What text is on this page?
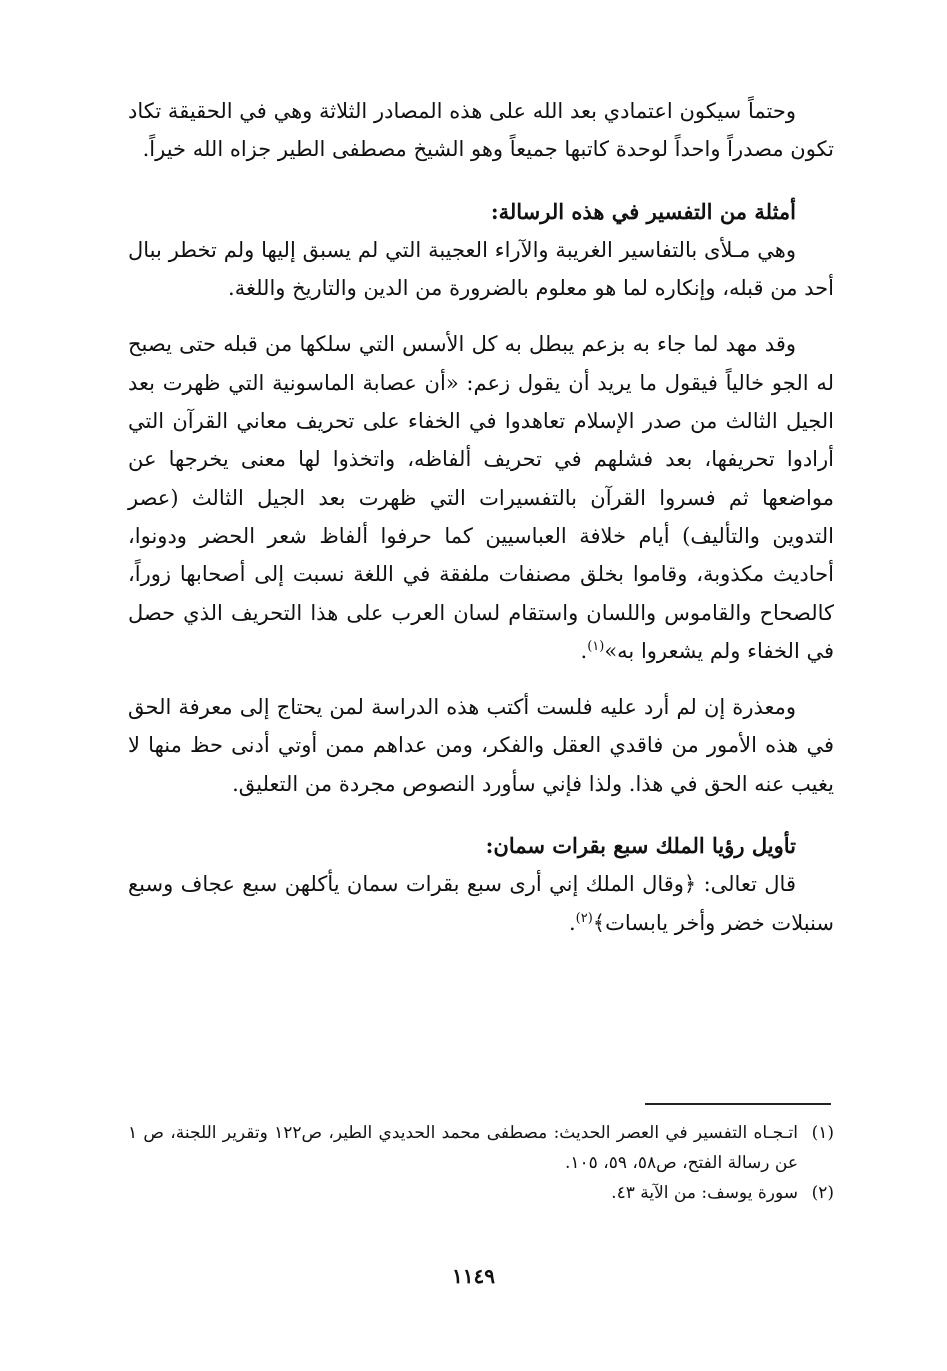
وحتماً سيكون اعتمادي بعد الله على هذه المصادر الثلاثة وهي في الحقيقة تكاد تكون مصدراً واحداً لوحدة كاتبها جميعاً وهو الشيخ مصطفى الطير جزاه الله خيراً.

أمثلة من التفسير في هذه الرسالة:

وهي مـلأى بالتفاسير الغريبة والآراء العجيبة التي لم يسبق إليها ولم تخطر ببال أحد من قبله، وإنكاره لما هو معلوم بالضرورة من الدين والتاريخ واللغة.

وقد مهد لما جاء به بزعم يبطل به كل الأسس التي سلكها من قبله حتى يصبح له الجو خالياً فيقول ما يريد أن يقول زعم: «أن عصابة الماسونية التي ظهرت بعد الجيل الثالث من صدر الإسلام تعاهدوا في الخفاء على تحريف معاني القرآن التي أرادوا تحريفها، بعد فشلهم في تحريف ألفاظه، واتخذوا لها معنى يخرجها عن مواضعها ثم فسروا القرآن بالتفسيرات التي ظهرت بعد الجيل الثالث (عصر التدوين والتأليف) أيام خلافة العباسيين كما حرفوا ألفاظ شعر الحضر ودونوا، أحاديث مكذوبة، وقاموا بخلق مصنفات ملفقة في اللغة نسبت إلى أصحابها زوراً، كالصحاح والقاموس واللسان واستقام لسان العرب على هذا التحريف الذي حصل في الخفاء ولم يشعروا به»$^{(١)}$.

ومعذرة إن لم أرد عليه فلست أكتب هذه الدراسة لمن يحتاج إلى معرفة الحق في هذه الأمور من فاقدي العقل والفكر، ومن عداهم ممن أوتي أدنى حظ منها لا يغيب عنه الحق في هذا. ولذا فإني سأورد النصوص مجردة من التعليق.

تأويل رؤيا الملك سبع بقرات سمان:

قال تعالى: ﴿وقال الملك إني أرى سبع بقرات سمان يأكلهن سبع عجاف وسبع سنبلات خضر وأخر يابسات﴾$^{(٢)}$.

(١)
اتـجـاه التفسير في العصر الحديث: مصطفى محمد الحديدي الطير، ص١٢٢ وتقرير اللجنة، ص ١ عن رسالة الفتح، ص٥٨، ٥٩، ١٠٥.

(٢)
سورة يوسف: من الآية ٤٣.

١١٤٩
